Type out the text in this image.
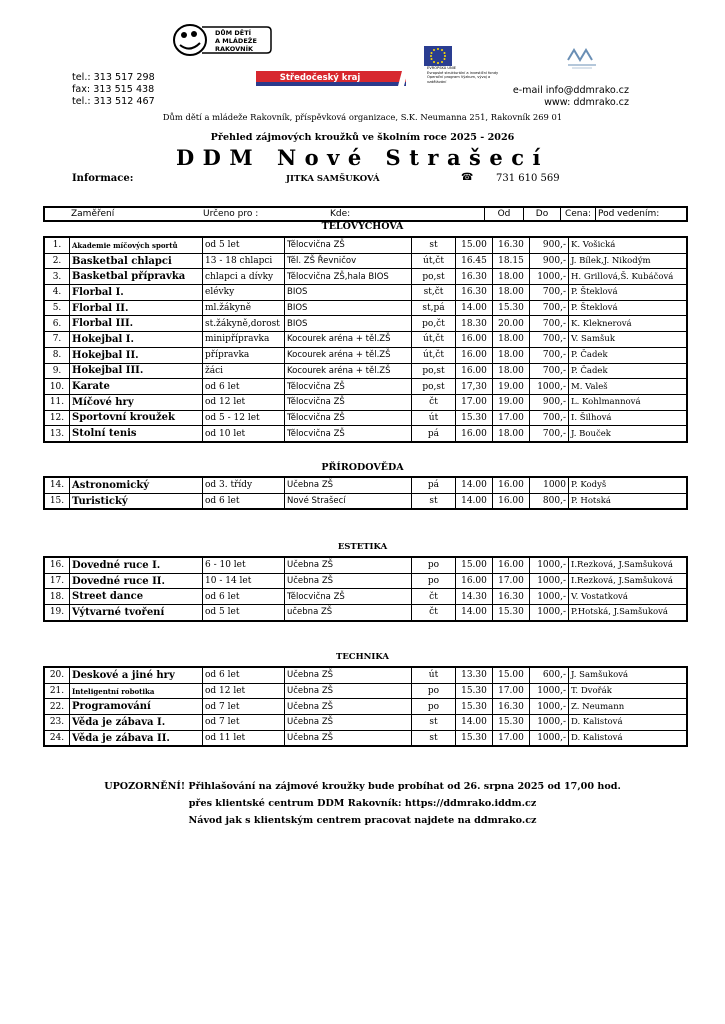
DŮM DĚTÍ
A MLÁDEŽE
RAKOVNÍK
EVROPSKÁ UNIE
Evropské strukturální a investiční fondy
Operační program Výzkum, vývoj a vzdělávání
Středočeský kraj
tel.: 313 517 298
fax: 313 515 438
tel.: 313 512 467
e-mail info@ddmrako.cz
www: ddmrako.cz
Dům dětí a mládeže Rakovník, příspěvková organizace, S.K. Neumanna 251, Rakovník 269 01
Přehled zájmových kroužků ve školním roce 2025 - 2026
DDM Nové Strašecí
Informace:	JITKA SAMŠUKOVÁ	☎ 731 610 569
	Zaměření	Určeno pro :	Kde:	Od	Do	Cena:	Pod vedením:
TĚLOVÝCHOVA
1.	Akademie míčových sportů	od 5 let	Tělocvična ZŠ	st	15.00	16.30	900,-	K. Vošická
2.	Basketbal chlapci	13 - 18 chlapci	Těl. ZŠ Řevničov	út,čt	16.45	18.15	900,-	J. Bílek,J. Nikodým
3.	Basketbal přípravka	chlapci a dívky	Tělocvična ZŠ,hala BIOS	po,st	16.30	18.00	1000,-	H. Grillová,Š. Kubáčová
4.	Florbal I.	elévky	BIOS	st,čt	16.30	18.00	700,-	P. Šteklová
5.	Florbal II.	ml.žákyně	BIOS	st,pá	14.00	15.30	700,-	P. Šteklová
6.	Florbal III.	st.žákyně,dorost	BIOS	po,čt	18.30	20.00	700,-	K. Kleknerová
7.	Hokejbal I.	minipřípravka	Kocourek aréna + těl.ZŠ	út,čt	16.00	18.00	700,-	V. Samšuk
8.	Hokejbal II.	přípravka	Kocourek aréna + těl.ZŠ	út,čt	16.00	18.00	700,-	P. Čadek
9.	Hokejbal III.	žáci	Kocourek aréna + těl.ZŠ	po,st	16.00	18.00	700,-	P. Čadek
10.	Karate	od 6 let	Tělocvična ZŠ	po,st	17,30	19.00	1000,-	M. Valeš
11.	Míčové hry	od 12 let	Tělocvična ZŠ	čt	17.00	19.00	900,-	L. Kohlmannová
12.	Sportovní kroužek	od 5 - 12 let	Tělocvična ZŠ	út	15.30	17.00	700,-	I. Šilhová
13.	Stolní tenis	od 10 let	Tělocvična ZŠ	pá	16.00	18.00	700,-	J. Bouček
PŘÍRODOVĚDA
14.	Astronomický	od 3. třídy	Učebna ZŠ	pá	14.00	16.00	1000	P. Kodyš
15.	Turistický	od 6 let	Nové Strašecí	st	14.00	16.00	800,-	P. Hotská
ESTETIKA
16.	Dovedné ruce I.	6 - 10 let	Učebna ZŠ	po	15.00	16.00	1000,-	I.Rezková, J.Samšuková
17.	Dovedné ruce II.	10 - 14 let	Učebna ZŠ	po	16.00	17.00	1000,-	I.Rezková, J.Samšuková
18.	Street dance	od 6 let	Tělocvična ZŠ	čt	14.30	16.30	1000,-	V. Vostatková
19.	Výtvarné tvoření	od 5 let	učebna ZŠ	čt	14.00	15.30	1000,-	P.Hotská, J.Samšuková
TECHNIKA
20.	Deskové a jiné hry	od 6 let	Učebna ZŠ	út	13.30	15.00	600,-	J. Samšuková
21.	Inteligentní robotika	od 12 let	Učebna ZŠ	po	15.30	17.00	1000,-	T. Dvořák
22.	Programování	od 7 let	Učebna ZŠ	po	15.30	16.30	1000,-	Z. Neumann
23.	Věda je zábava I.	od 7 let	Učebna ZŠ	st	14.00	15.30	1000,-	D. Kalistová
24.	Věda je zábava II.	od 11 let	Učebna ZŠ	st	15.30	17.00	1000,-	D. Kalistová
UPOZORNĚNÍ! Přihlašování na zájmové kroužky bude probíhat od 26. srpna 2025 od 17,00 hod.
přes klientské centrum DDM Rakovník: https://ddmrako.iddm.cz
Návod jak s klientským centrem pracovat najdete na ddmrako.cz
